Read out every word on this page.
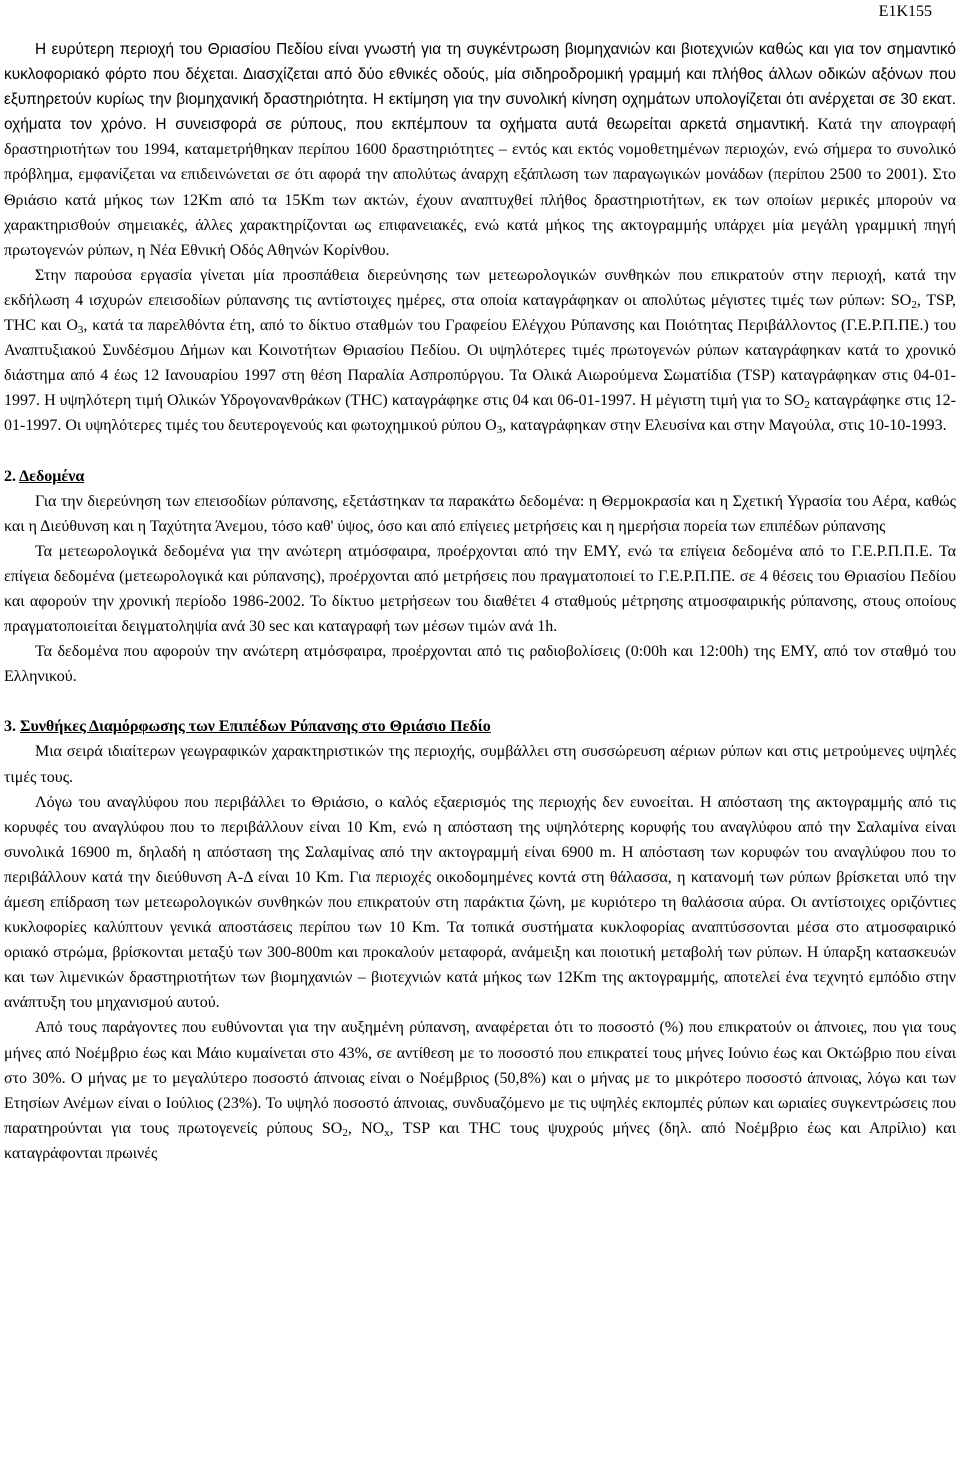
E1K155

Η ευρύτερη περιοχή του Θριασίου Πεδίου είναι γνωστή για τη συγκέντρωση βιομηχανιών και βιοτεχνιών καθώς και για τον σημαντικό κυκλοφοριακό φόρτο που δέχεται. Διασχίζεται από δύο εθνικές οδούς, μία σιδηροδρομική γραμμή και πλήθος άλλων οδικών αξόνων που εξυπηρετούν κυρίως την βιομηχανική δραστηριότητα. Η εκτίμηση για την συνολική κίνηση οχημάτων υπολογίζεται ότι ανέρχεται σε 30 εκατ. οχήματα τον χρόνο. Η συνεισφορά σε ρύπους, που εκπέμπουν τα οχήματα αυτά θεωρείται αρκετά σημαντική. Κατά την απογραφή δραστηριοτήτων του 1994, καταμετρήθηκαν περίπου 1600 δραστηριότητες – εντός και εκτός νομοθετημένων περιοχών, ενώ σήμερα το συνολικό πρόβλημα, εμφανίζεται να επιδεινώνεται σε ότι αφορά την απολύτως άναρχη εξάπλωση των παραγωγικών μονάδων (περίπου 2500 το 2001). Στο Θριάσιο κατά μήκος των 12Km από τα 15Km των ακτών, έχουν αναπτυχθεί πλήθος δραστηριοτήτων, εκ των οποίων μερικές μπορούν να χαρακτηρισθούν σημειακές, άλλες χαρακτηρίζονται ως επιφανειακές, ενώ κατά μήκος της ακτογραμμής υπάρχει μία μεγάλη γραμμική πηγή πρωτογενών ρύπων, η Νέα Εθνική Οδός Αθηνών Κορίνθου.

Στην παρούσα εργασία γίνεται μία προσπάθεια διερεύνησης των μετεωρολογικών συνθηκών που επικρατούν στην περιοχή, κατά την εκδήλωση 4 ισχυρών επεισοδίων ρύπανσης τις αντίστοιχες ημέρες, στα οποία καταγράφηκαν οι απολύτως μέγιστες τιμές των ρύπων: $SO_2$, TSP, THC και $O_3$, κατά τα παρελθόντα έτη, από το δίκτυο σταθμών του Γραφείου Ελέγχου Ρύπανσης και Ποιότητας Περιβάλλοντος (Γ.Ε.Ρ.Π.ΠΕ.) του Αναπτυξιακού Συνδέσμου Δήμων και Κοινοτήτων Θριασίου Πεδίου. Οι υψηλότερες τιμές πρωτογενών ρύπων καταγράφηκαν κατά το χρονικό διάστημα από 4 έως 12 Ιανουαρίου 1997 στη θέση Παραλία Ασπροπύργου. Τα Ολικά Αιωρούμενα Σωματίδια (TSP) καταγράφηκαν στις 04-01-1997. Η υψηλότερη τιμή Ολικών Υδρογονανθράκων (THC) καταγράφηκε στις 04 και 06-01-1997. Η μέγιστη τιμή για το $SO_2$ καταγράφηκε στις 12-01-1997. Οι υψηλότερες τιμές του δευτερογενούς και φωτοχημικού ρύπου $O_3$, καταγράφηκαν στην Ελευσίνα και στην Μαγούλα, στις 10-10-1993.

2. Δεδομένα

Για την διερεύνηση των επεισοδίων ρύπανσης, εξετάστηκαν τα παρακάτω δεδομένα: η Θερμοκρασία και η Σχετική Υγρασία του Αέρα, καθώς και η Διεύθυνση και η Ταχύτητα Άνεμου, τόσο καθ' ύψος, όσο και από επίγειες μετρήσεις και η ημερήσια πορεία των επιπέδων ρύπανσης

Τα μετεωρολογικά δεδομένα για την ανώτερη ατμόσφαιρα, προέρχονται από την ΕΜΥ, ενώ τα επίγεια δεδομένα από το Γ.Ε.Ρ.Π.Π.Ε. Τα επίγεια δεδομένα (μετεωρολογικά και ρύπανσης), προέρχονται από μετρήσεις που πραγματοποιεί το Γ.Ε.Ρ.Π.ΠΕ. σε 4 θέσεις του Θριασίου Πεδίου και αφορούν την χρονική περίοδο 1986-2002. Το δίκτυο μετρήσεων του διαθέτει 4 σταθμούς μέτρησης ατμοσφαιρικής ρύπανσης, στους οποίους πραγματοποιείται δειγματοληψία ανά 30 sec και καταγραφή των μέσων τιμών ανά 1h.

Τα δεδομένα που αφορούν την ανώτερη ατμόσφαιρα, προέρχονται από τις ραδιοβολίσεις (0:00h και 12:00h) της ΕΜΥ, από τον σταθμό του Ελληνικού.

3. Συνθήκες Διαμόρφωσης των Επιπέδων Ρύπανσης στο Θριάσιο Πεδίο

Μια σειρά ιδιαίτερων γεωγραφικών χαρακτηριστικών της περιοχής, συμβάλλει στη συσσώρευση αέριων ρύπων και στις μετρούμενες υψηλές τιμές τους.

Λόγω του αναγλύφου που περιβάλλει το Θριάσιο, ο καλός εξαερισμός της περιοχής δεν ευνοείται. Η απόσταση της ακτογραμμής από τις κορυφές του αναγλύφου που το περιβάλλουν είναι 10 Km, ενώ η απόσταση της υψηλότερης κορυφής του αναγλύφου από την Σαλαμίνα είναι συνολικά 16900 m, δηλαδή η απόσταση της Σαλαμίνας από την ακτογραμμή είναι 6900 m. Η απόσταση των κορυφών του αναγλύφου που το περιβάλλουν κατά την διεύθυνση Α-Δ είναι 10 Km. Για περιοχές οικοδομημένες κοντά στη θάλασσα, η κατανομή των ρύπων βρίσκεται υπό την άμεση επίδραση των μετεωρολογικών συνθηκών που επικρατούν στη παράκτια ζώνη, με κυριότερο τη θαλάσσια αύρα. Οι αντίστοιχες οριζόντιες κυκλοφορίες καλύπτουν γενικά αποστάσεις περίπου των 10 Km. Τα τοπικά συστήματα κυκλοφορίας αναπτύσσονται μέσα στο ατμοσφαιρικό οριακό στρώμα, βρίσκονται μεταξύ των 300-800m και προκαλούν μεταφορά, ανάμειξη και ποιοτική μεταβολή των ρύπων. Η ύπαρξη κατασκευών και των λιμενικών δραστηριοτήτων των βιομηχανιών – βιοτεχνιών κατά μήκος των 12Km της ακτογραμμής, αποτελεί ένα τεχνητό εμπόδιο στην ανάπτυξη του μηχανισμού αυτού.

Από τους παράγοντες που ευθύνονται για την αυξημένη ρύπανση, αναφέρεται ότι το ποσοστό (%) που επικρατούν οι άπνοιες, που για τους μήνες από Νοέμβριο έως και Μάιο κυμαίνεται στο 43%, σε αντίθεση με το ποσοστό που επικρατεί τους μήνες Ιούνιο έως και Οκτώβριο που είναι στο 30%. Ο μήνας με το μεγαλύτερο ποσοστό άπνοιας είναι ο Νοέμβριος (50,8%) και ο μήνας με το μικρότερο ποσοστό άπνοιας, λόγω και των Ετησίων Ανέμων είναι ο Ιούλιος (23%). Το υψηλό ποσοστό άπνοιας, συνδυαζόμενο με τις υψηλές εκπομπές ρύπων και ωριαίες συγκεντρώσεις που παρατηρούνται για τους πρωτογενείς ρύπους $SO_2$, $NO_x$, TSP και THC τους ψυχρούς μήνες (δηλ. από Νοέμβριο έως και Απρίλιο) και καταγράφονται πρωινές
